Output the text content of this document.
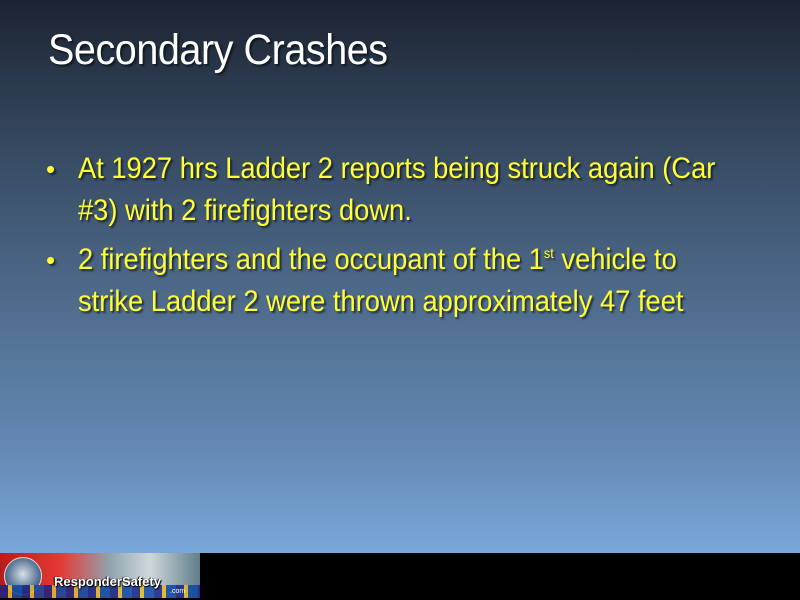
Secondary Crashes
• At 1927 hrs Ladder 2 reports being struck again (Car #3) with 2 firefighters down.
• 2 firefighters and the occupant of the 1st vehicle to strike Ladder 2 were thrown approximately 47 feet
ResponderSafety
.com
